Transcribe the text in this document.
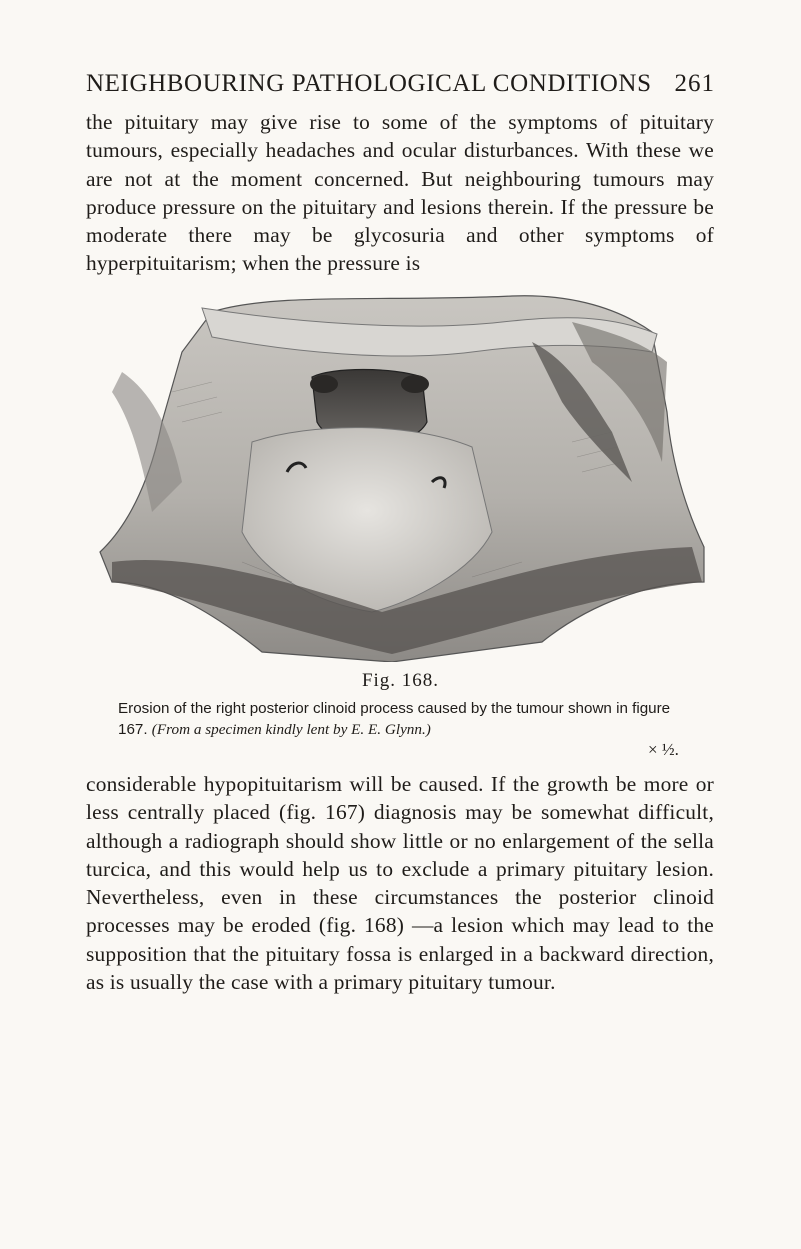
NEIGHBOURING PATHOLOGICAL CONDITIONS 261

the pituitary may give rise to some of the symptoms of pituitary tumours, especially headaches and ocular disturbances. With these we are not at the moment concerned. But neighbouring tumours may produce pressure on the pituitary and lesions therein. If the pressure be moderate there may be glycosuria and other symptoms of hyperpituitarism; when the pressure is

Fig. 168.
Erosion of the right posterior clinoid process caused by the tumour shown in figure 167. (From a specimen kindly lent by E. E. Glynn.)
× ½.

considerable hypopituitarism will be caused. If the growth be more or less centrally placed (fig. 167) diagnosis may be somewhat difficult, although a radiograph should show little or no enlargement of the sella turcica, and this would help us to exclude a primary pituitary lesion. Nevertheless, even in these circumstances the posterior clinoid processes may be eroded (fig. 168) —a lesion which may lead to the supposition that the pituitary fossa is enlarged in a backward direction, as is usually the case with a primary pituitary tumour.
